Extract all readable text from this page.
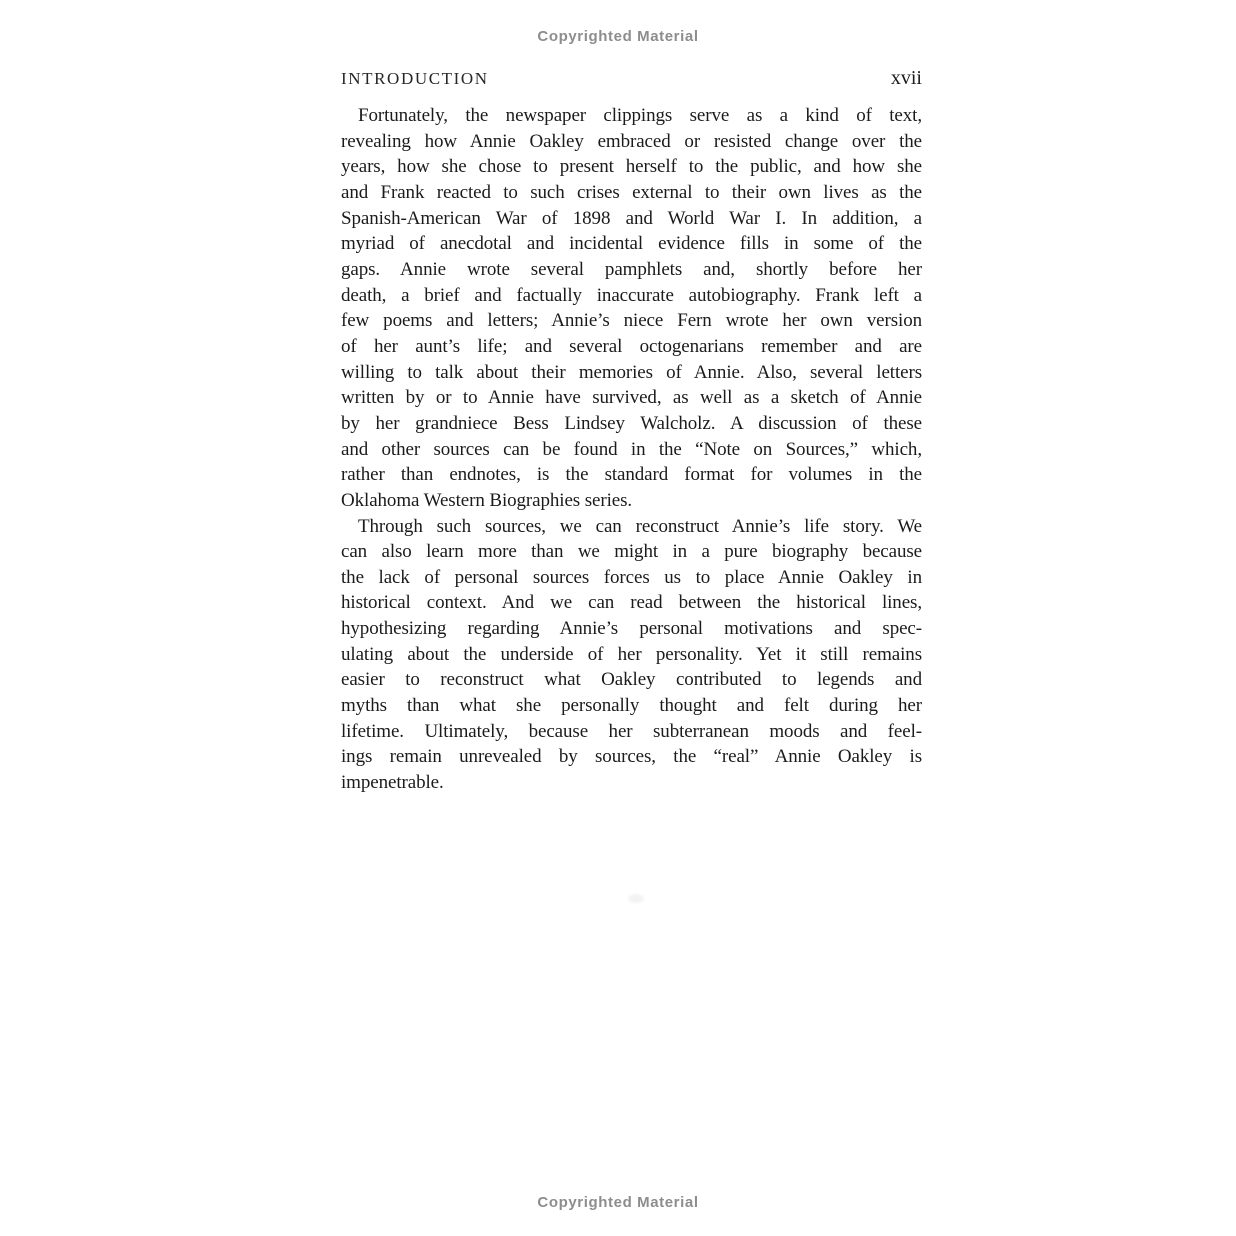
Copyrighted Material
INTRODUCTION	xvii

Fortunately, the newspaper clippings serve as a kind of text,
revealing how Annie Oakley embraced or resisted change over the
years, how she chose to present herself to the public, and how she
and Frank reacted to such crises external to their own lives as the
Spanish-American War of 1898 and World War I. In addition, a
myriad of anecdotal and incidental evidence fills in some of the
gaps. Annie wrote several pamphlets and, shortly before her
death, a brief and factually inaccurate autobiography. Frank left a
few poems and letters; Annie’s niece Fern wrote her own version
of her aunt’s life; and several octogenarians remember and are
willing to talk about their memories of Annie. Also, several letters
written by or to Annie have survived, as well as a sketch of Annie
by her grandniece Bess Lindsey Walcholz. A discussion of these
and other sources can be found in the “Note on Sources,” which,
rather than endnotes, is the standard format for volumes in the
Oklahoma Western Biographies series.

Through such sources, we can reconstruct Annie’s life story. We
can also learn more than we might in a pure biography because
the lack of personal sources forces us to place Annie Oakley in
historical context. And we can read between the historical lines,
hypothesizing regarding Annie’s personal motivations and spec-
ulating about the underside of her personality. Yet it still remains
easier to reconstruct what Oakley contributed to legends and
myths than what she personally thought and felt during her
lifetime. Ultimately, because her subterranean moods and feel-
ings remain unrevealed by sources, the “real” Annie Oakley is
impenetrable.

Copyrighted Material
